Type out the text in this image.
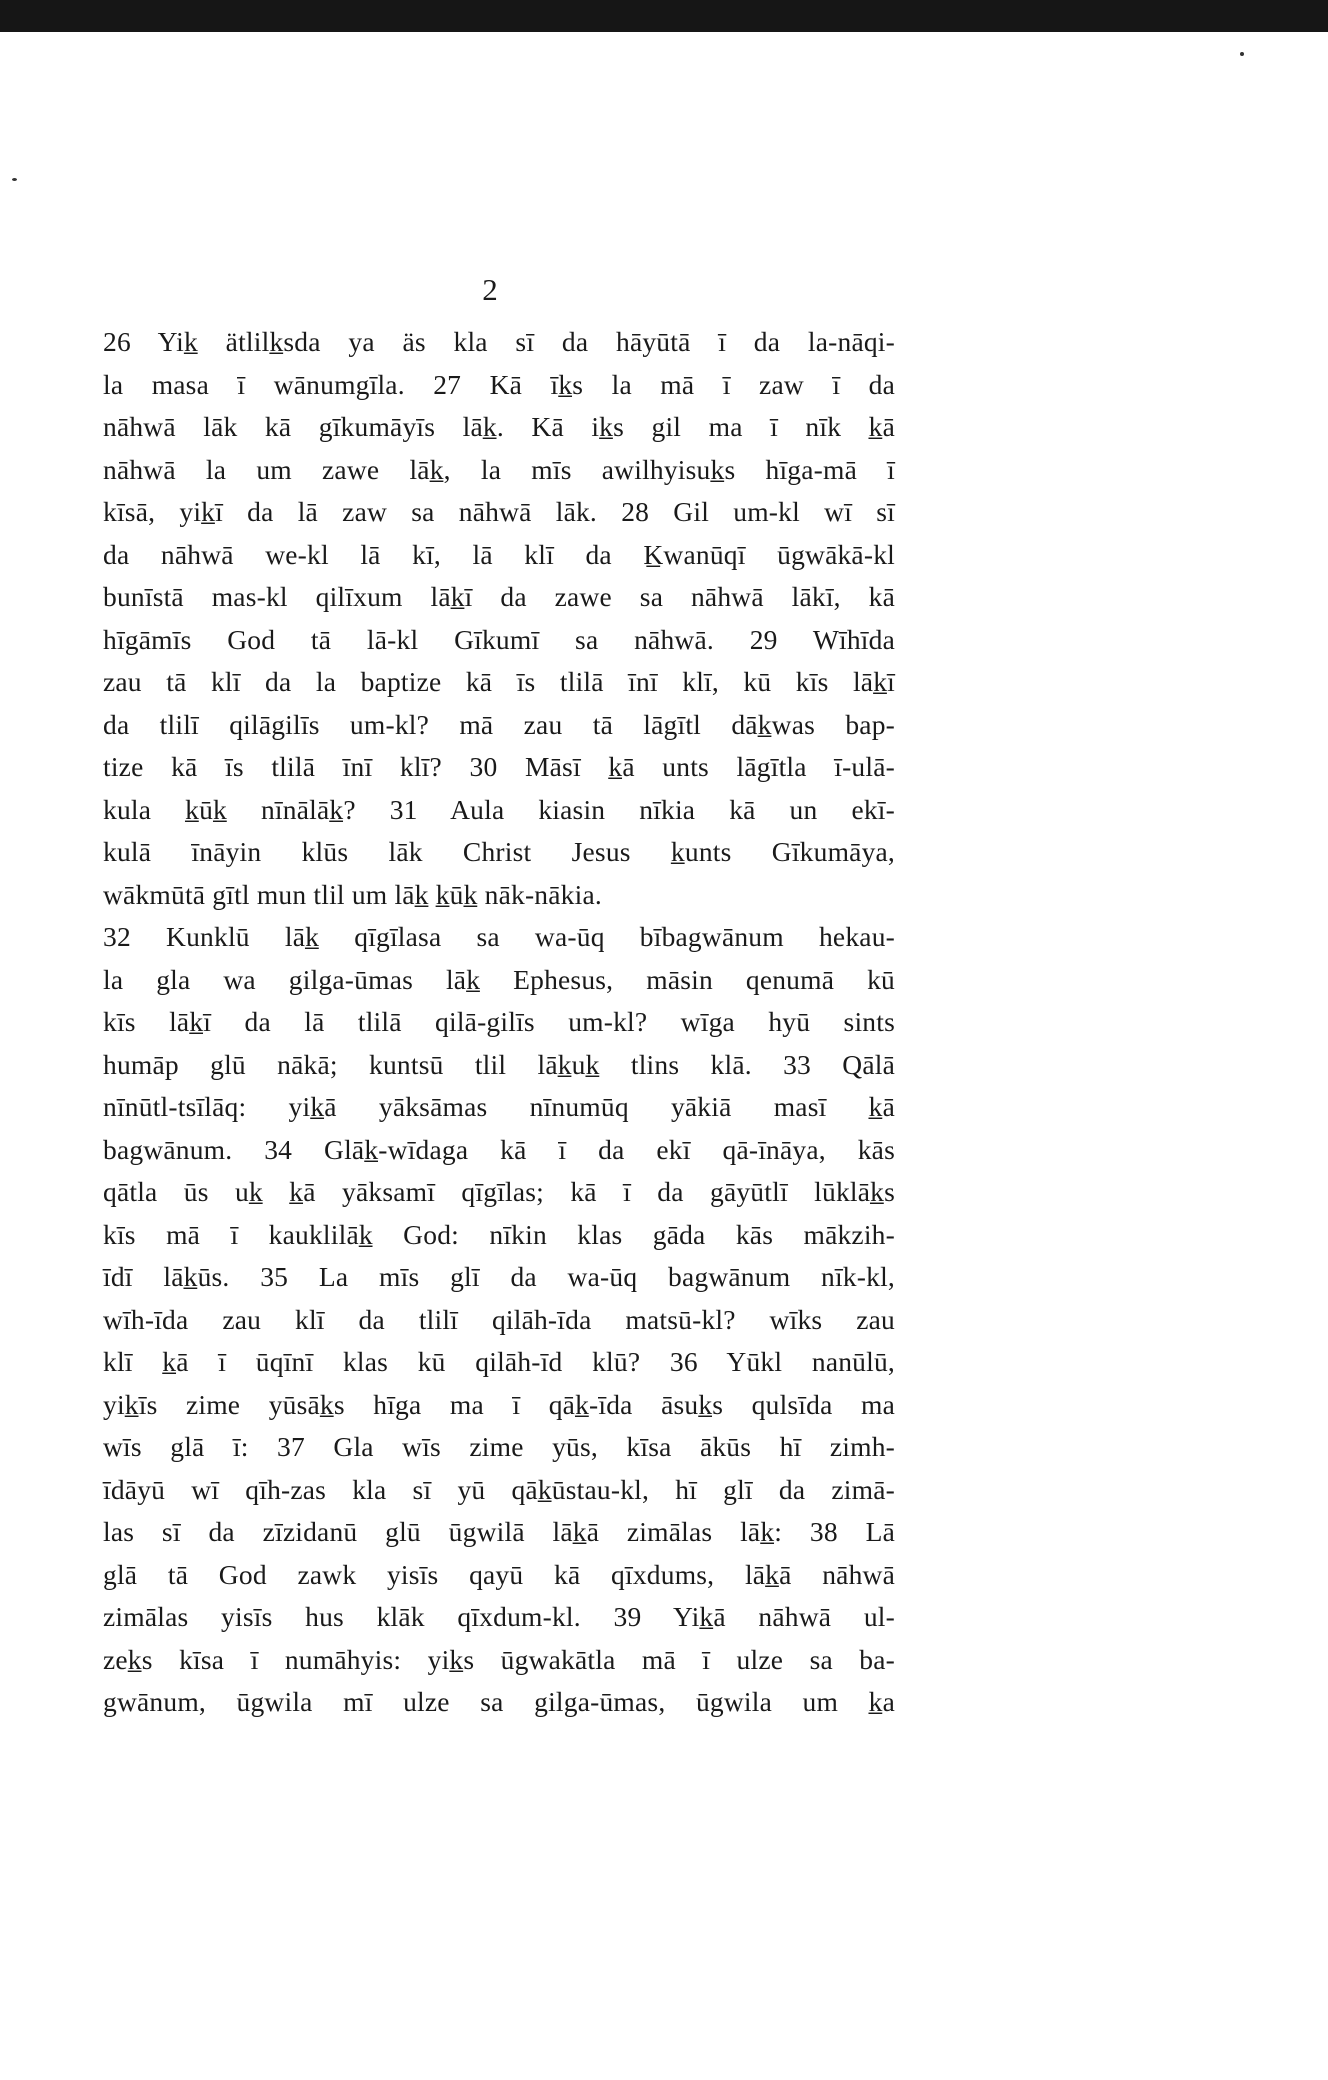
2
26 Yik̲ ätlilk̲sda ya äs kla sī da hāyūtā ī da la-nāqi-
la masa ī wānumgīla. 27 Kā īk̲s la mā ī zaw ī da
nāhwā lāk kā gīkumāyīs lāk̲. Kā ik̲s gil ma ī nīk k̲ā
nāhwā la um zawe lāk̲, la mīs awilhyisuk̲s hīga-mā ī
kīsā, yik̲ī da lā zaw sa nāhwā lāk. 28 Gil um-kl wī sī
da nāhwā we-kl lā kī, lā klī da K̲wanūqī ūgwākā-kl
bunīstā mas-kl qilīxum lāk̲ī da zawe sa nāhwā lākī, kā
hīgāmīs God tā lā-kl Gīkumī sa nāhwā. 29 Wīhīda
zau tā klī da la baptize kā īs tlilā īnī klī, kū kīs lāk̲ī
da tlilī qilāgilīs um-kl? mā zau tā lāgītl dāk̲was bap-
tize kā īs tlilā īnī klī? 30 Māsī k̲ā unts lāgītla ī-ulā-
kula k̲ūk̲ nīnālāk̲? 31 Aula kiasin nīkia kā un ekī-
kulā īnāyin klūs lāk Christ Jesus k̲unts Gīkumāya,
wākmūtā gītl mun tlil um lāk̲ k̲ūk̲ nāk-nākia.
32 Kunklū lāk̲ qīgīlasa sa wa-ūq bībagwānum hekau-
la gla wa gilga-ūmas lāk̲ Ephesus, māsin qenumā kū
kīs lāk̲ī da lā tlilā qilā-gilīs um-kl? wīga hyū sints
humāp glū nākā; kuntsū tlil lāk̲uk̲ tlins klā. 33 Qālā
nīnūtl-tsīlāq: yik̲ā yāksāmas nīnumūq yākiā masī k̲ā
bagwānum. 34 Glāk̲-wīdaga kā ī da ekī qā-īnāya, kās
qātla ūs uk̲ k̲ā yāksamī qīgīlas; kā ī da gāyūtlī lūklāk̲s
kīs mā ī kauklilāk̲ God: nīkin klas gāda kās mākzih-
īdī lāk̲ūs. 35 La mīs glī da wa-ūq bagwānum nīk-kl,
wīh-īda zau klī da tlilī qilāh-īda matsū-kl? wīks zau
klī k̲ā ī ūqīnī klas kū qilāh-īd klū? 36 Yūkl nanūlū,
yik̲īs zime yūsāk̲s hīga ma ī qāk̲-īda āsuk̲s qulsīda ma
wīs glā ī: 37 Gla wīs zime yūs, kīsa ākūs hī zimh-
īdāyū wī qīh-zas kla sī yū qāk̲ūstau-kl, hī glī da zimā-
las sī da zīzidanū glū ūgwilā lāk̲ā zimālas lāk̲: 38 Lā
glā tā God zawk yisīs qayū kā qīxdums, lāk̲ā nāhwā
zimālas yisīs hus klāk qīxdum-kl. 39 Yik̲ā nāhwā ul-
zek̲s kīsa ī numāhyis: yik̲s ūgwakātla mā ī ulze sa ba-
gwānum, ūgwila mī ulze sa gilga-ūmas, ūgwila um k̲a
